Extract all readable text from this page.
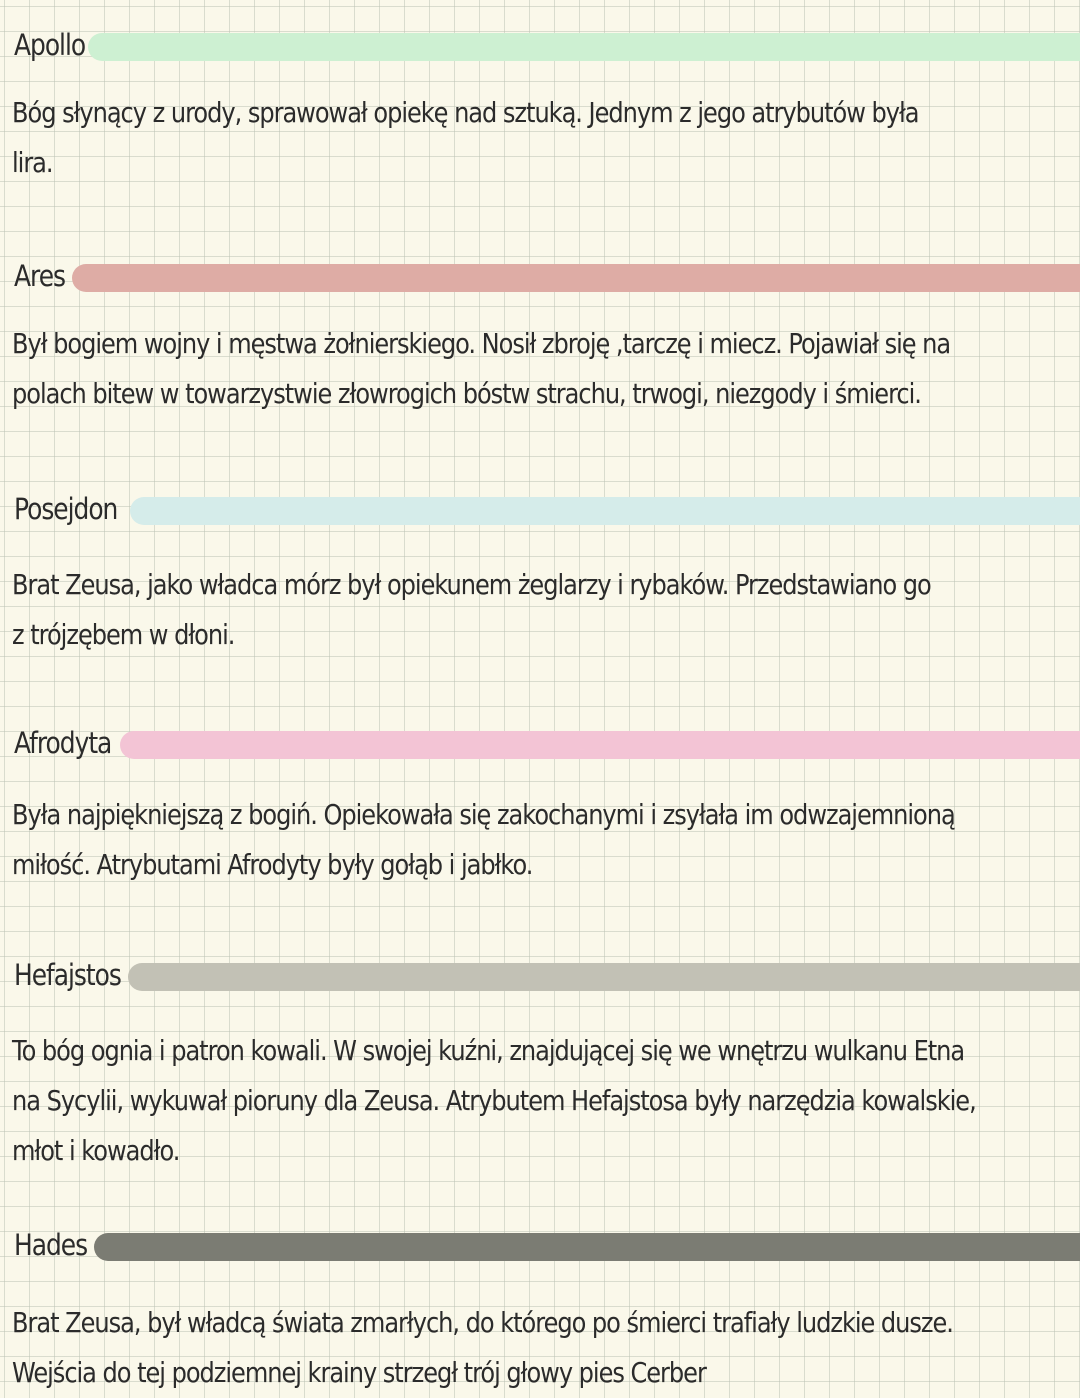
Apollo
Bóg słynący z urody, sprawował opiekę nad sztuką. Jednym z jego atrybutów była
lira.
Ares
Był bogiem wojny i męstwa żołnierskiego. Nosił zbroję ,tarczę i miecz. Pojawiał się na
polach bitew w towarzystwie złowrogich bóstw strachu, trwogi, niezgody i śmierci.
Posejdon
Brat Zeusa, jako władca mórz był opiekunem żeglarzy i rybaków. Przedstawiano go
z trójzębem w dłoni.
Afrodyta
Była najpiękniejszą z bogiń. Opiekowała się zakochanymi i zsyłała im odwzajemnioną
miłość. Atrybutami Afrodyty były gołąb i jabłko.
Hefajstos
To bóg ognia i patron kowali. W swojej kuźni, znajdującej się we wnętrzu wulkanu Etna
na Sycylii, wykuwał pioruny dla Zeusa. Atrybutem Hefajstosa były narzędzia kowalskie,
młot i kowadło.
Hades
Brat Zeusa, był władcą świata zmarłych, do którego po śmierci trafiały ludzkie dusze.
Wejścia do tej podziemnej krainy strzegł trój głowy pies Cerber
